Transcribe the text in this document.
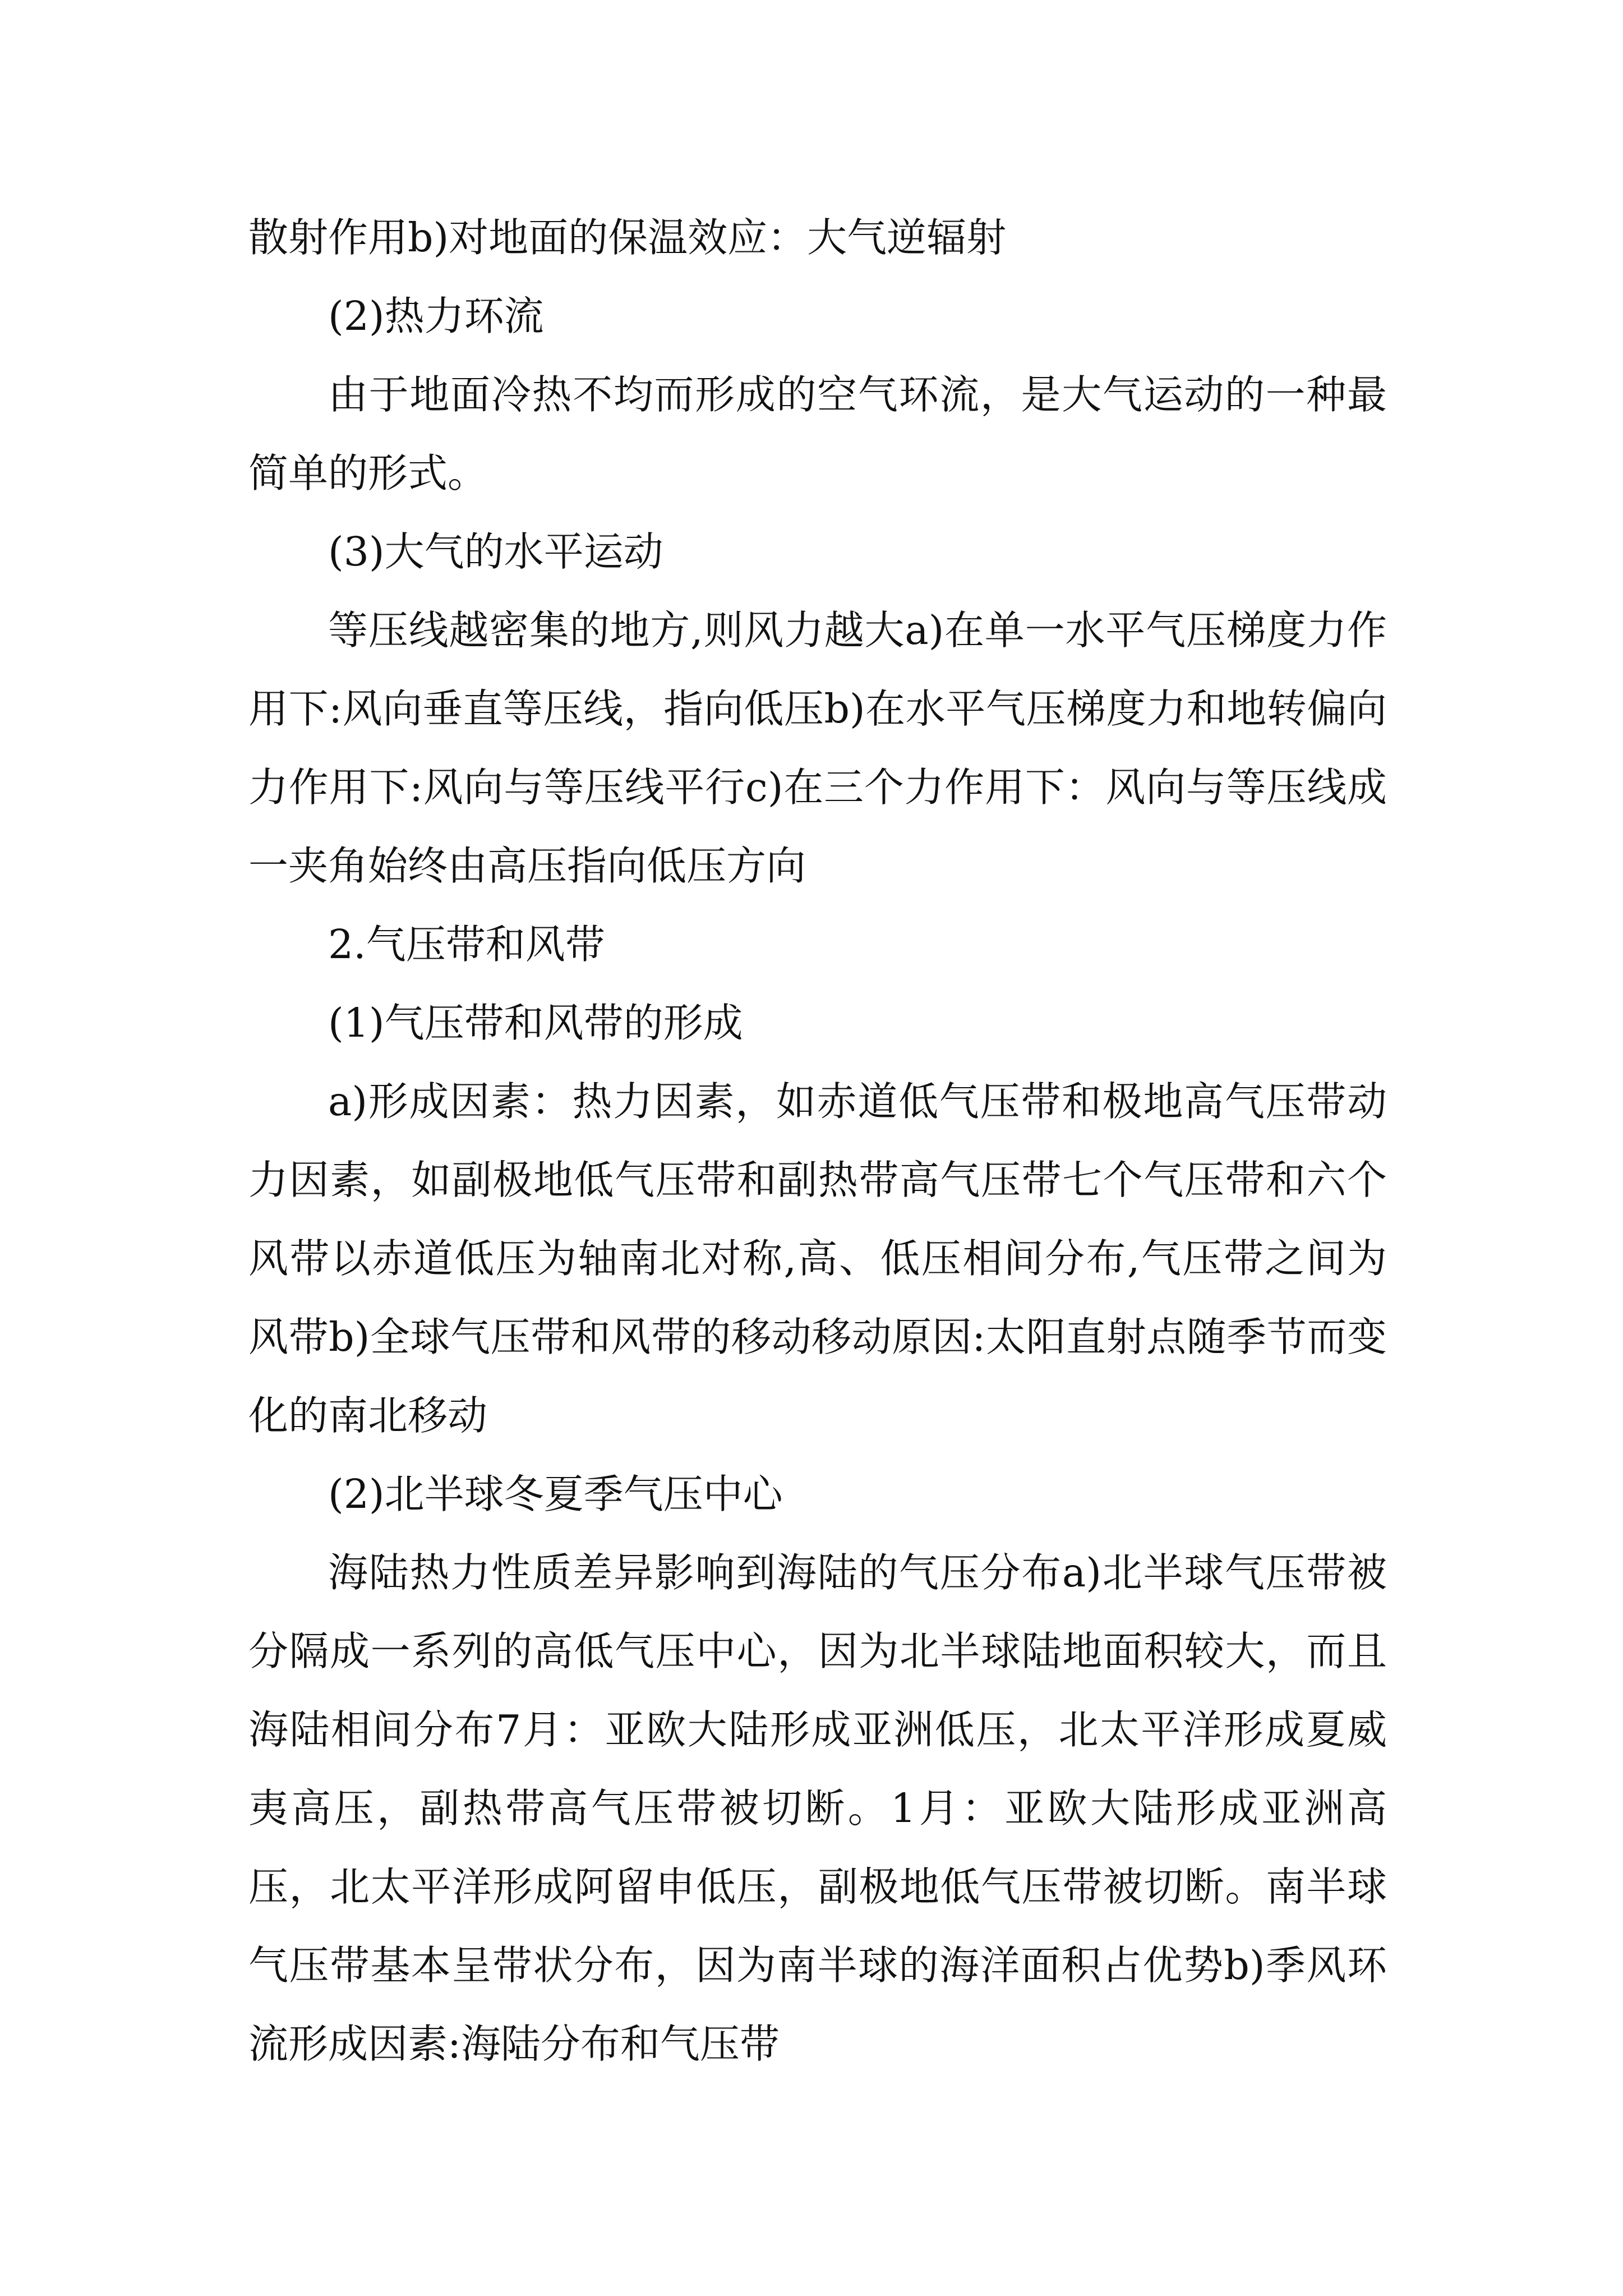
散射作用b)对地面的保温效应：大气逆辐射

(2)热力环流

由于地面冷热不均而形成的空气环流，是大气运动的一种最简单的形式。

(3)大气的水平运动

等压线越密集的地方,则风力越大a)在单一水平气压梯度力作用下:风向垂直等压线，指向低压b)在水平气压梯度力和地转偏向力作用下:风向与等压线平行c)在三个力作用下：风向与等压线成一夹角始终由高压指向低压方向

2.气压带和风带

(1)气压带和风带的形成

a)形成因素：热力因素，如赤道低气压带和极地高气压带动力因素，如副极地低气压带和副热带高气压带七个气压带和六个风带以赤道低压为轴南北对称,高、低压相间分布,气压带之间为风带b)全球气压带和风带的移动移动原因:太阳直射点随季节而变化的南北移动

(2)北半球冬夏季气压中心

海陆热力性质差异影响到海陆的气压分布a)北半球气压带被分隔成一系列的高低气压中心，因为北半球陆地面积较大，而且海陆相间分布7月：亚欧大陆形成亚洲低压，北太平洋形成夏威夷高压，副热带高气压带被切断。1月：亚欧大陆形成亚洲高压，北太平洋形成阿留申低压，副极地低气压带被切断。南半球气压带基本呈带状分布，因为南半球的海洋面积占优势b)季风环流形成因素:海陆分布和气压带
